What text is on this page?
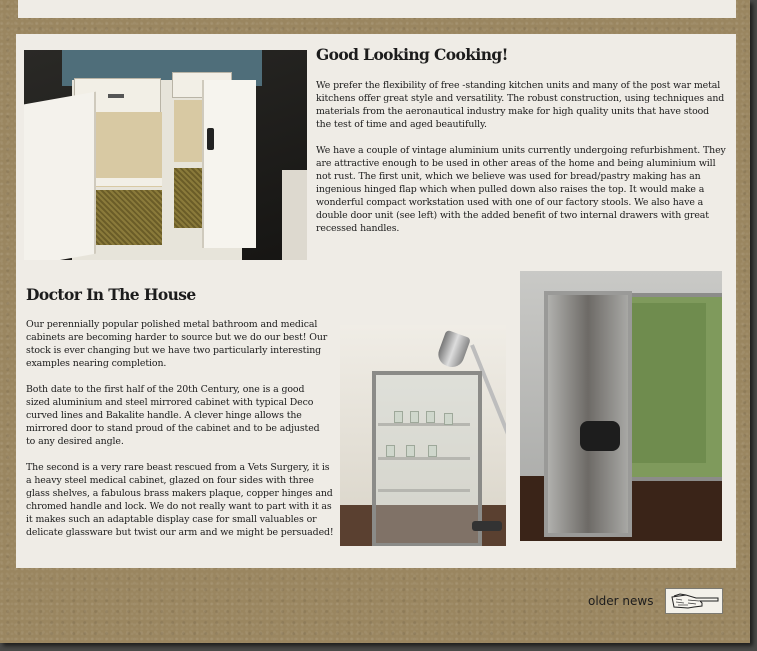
Good Looking Cooking!

We prefer the flexibility of free -standing kitchen units and many of the post war metal kitchens offer great style and versatility. The robust construction, using techniques and materials from the aeronautical industry make for high quality units that have stood the test of time and aged beautifully.

We have a couple of vintage aluminium units currently undergoing refurbishment. They are attractive enough to be used in other areas of the home and being aluminium will not rust. The first unit, which we believe was used for bread/pastry making has an ingenious hinged flap which when pulled down also raises the top. It would make a wonderful compact workstation used with one of our factory stools. We also have a double door unit (see left) with the added benefit of two internal drawers with great recessed handles.

Doctor In The House

Our perennially popular polished metal bathroom and medical cabinets are becoming harder to source but we do our best! Our stock is ever changing but we have two particularly interesting examples nearing completion.

Both date to the first half of the 20th Century, one is a good sized aluminium and steel mirrored cabinet with typical Deco curved lines and Bakalite handle. A clever hinge allows the mirrored door to stand proud of the cabinet and to be adjusted to any desired angle.

The second is a very rare beast rescued from a Vets Surgery, it is a heavy steel medical cabinet, glazed on four sides with three glass shelves, a fabulous brass makers plaque, copper hinges and chromed handle and lock. We do not really want to part with it as it makes such an adaptable display case for small valuables or delicate glassware but twist our arm and we might be persuaded!

older news
